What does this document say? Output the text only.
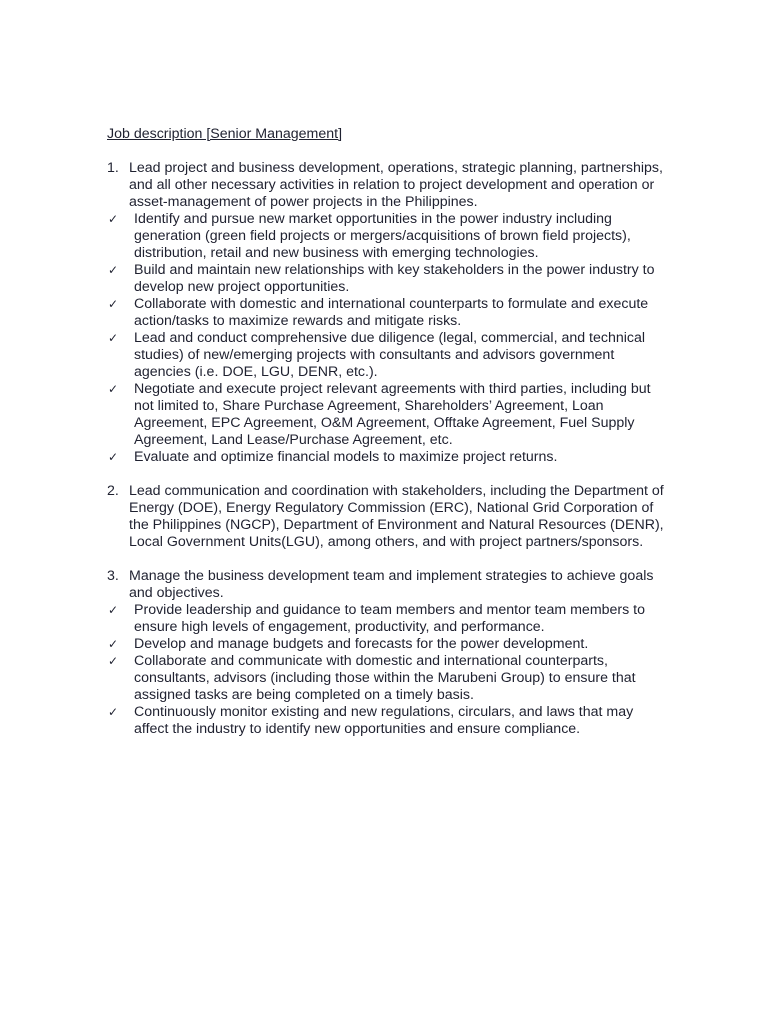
Job description [Senior Management]
1. Lead project and business development, operations, strategic planning, partnerships, and all other necessary activities in relation to project development and operation or asset-management of power projects in the Philippines.
✓ Identify and pursue new market opportunities in the power industry including generation (green field projects or mergers/acquisitions of brown field projects), distribution, retail and new business with emerging technologies.
✓ Build and maintain new relationships with key stakeholders in the power industry to develop new project opportunities.
✓ Collaborate with domestic and international counterparts to formulate and execute action/tasks to maximize rewards and mitigate risks.
✓ Lead and conduct comprehensive due diligence (legal, commercial, and technical studies) of new/emerging projects with consultants and advisors government agencies (i.e. DOE, LGU, DENR, etc.).
✓ Negotiate and execute project relevant agreements with third parties, including but not limited to, Share Purchase Agreement, Shareholders’ Agreement, Loan Agreement, EPC Agreement, O&M Agreement, Offtake Agreement, Fuel Supply Agreement, Land Lease/Purchase Agreement, etc.
✓ Evaluate and optimize financial models to maximize project returns.
2. Lead communication and coordination with stakeholders, including the Department of Energy (DOE), Energy Regulatory Commission (ERC), National Grid Corporation of the Philippines (NGCP), Department of Environment and Natural Resources (DENR), Local Government Units(LGU), among others, and with project partners/sponsors.
3. Manage the business development team and implement strategies to achieve goals and objectives.
✓ Provide leadership and guidance to team members and mentor team members to ensure high levels of engagement, productivity, and performance.
✓ Develop and manage budgets and forecasts for the power development.
✓ Collaborate and communicate with domestic and international counterparts, consultants, advisors (including those within the Marubeni Group) to ensure that assigned tasks are being completed on a timely basis.
✓ Continuously monitor existing and new regulations, circulars, and laws that may affect the industry to identify new opportunities and ensure compliance.
